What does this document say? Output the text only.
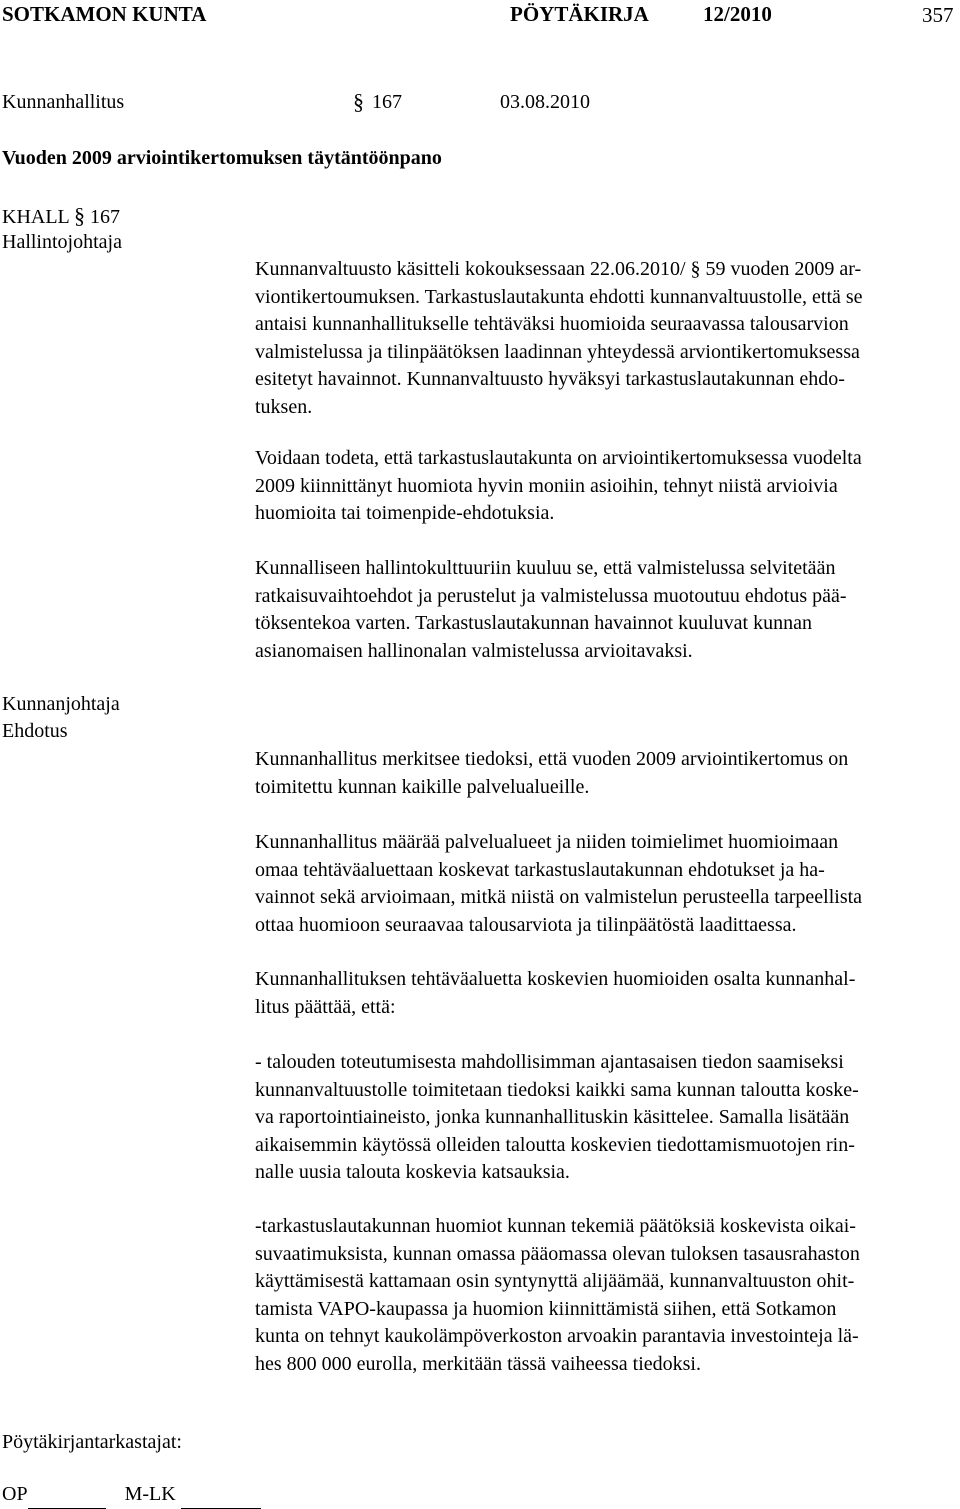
SOTKAMON KUNTA	PÖYTÄKIRJA	12/2010	357
Kunnanhallitus	§ 167	03.08.2010
Vuoden 2009 arviointikertomuksen täytäntöönpano
KHALL § 167
Hallintojohtaja
Kunnanvaltuusto käsitteli kokouksessaan 22.06.2010/ § 59 vuoden 2009 ar-
viontikertoumuksen. Tarkastuslautakunta ehdotti kunnanvaltuustolle, että se
antaisi kunnanhallitukselle tehtäväksi huomioida seuraavassa talousarvion
valmistelussa ja tilinpäätöksen laadinnan yhteydessä arviontikertomuksessa
esitetyt havainnot. Kunnanvaltuusto hyväksyi tarkastuslautakunnan ehdo-
tuksen.
Voidaan todeta, että tarkastuslautakunta on arviointikertomuksessa vuodelta
2009 kiinnittänyt huomiota hyvin moniin asioihin, tehnyt niistä arvioivia
huomioita tai toimenpide-ehdotuksia.
Kunnalliseen hallintokulttuuriin kuuluu se, että valmistelussa selvitetään
ratkaisuvaihtoehdot ja perustelut ja valmistelussa muotoutuu ehdotus pää-
töksentekoa varten. Tarkastuslautakunnan havainnot kuuluvat kunnan
asianomaisen hallinonalan valmistelussa arvioitavaksi.
Kunnanjohtaja
Ehdotus
Kunnanhallitus merkitsee tiedoksi, että vuoden 2009 arviointikertomus on
toimitettu kunnan kaikille palvelualueille.
Kunnanhallitus määrää palvelualueet ja niiden toimielimet huomioimaan
omaa tehtäväaluettaan koskevat tarkastuslautakunnan ehdotukset ja ha-
vainnot sekä arvioimaan, mitkä niistä on valmistelun perusteella tarpeellista
ottaa huomioon seuraavaa talousarviota ja tilinpäätöstä laadittaessa.
Kunnanhallituksen tehtäväaluetta koskevien huomioiden osalta kunnanhal-
litus päättää, että:
- talouden toteutumisesta mahdollisimman ajantasaisen tiedon saamiseksi
kunnanvaltuustolle toimitetaan tiedoksi kaikki sama kunnan taloutta koske-
va raportointiaineisto, jonka kunnanhallituskin käsittelee. Samalla lisätään
aikaisemmin käytössä olleiden taloutta koskevien tiedottamismuotojen rin-
nalle uusia talouta koskevia katsauksia.
-tarkastuslautakunnan huomiot kunnan tekemiä päätöksiä koskevista oikai-
suvaatimuksista, kunnan omassa pääomassa olevan tuloksen tasausrahaston
käyttämisestä kattamaan osin syntynyttä alijäämää, kunnanvaltuuston ohit-
tamista VAPO-kaupassa ja huomion kiinnittämistä siihen, että Sotkamon
kunta on tehnyt kaukolämpöverkoston arvoakin parantavia investointeja lä-
hes 800 000 eurolla, merkitään tässä vaiheessa tiedoksi.
Pöytäkirjantarkastajat:
OP	M-LK
